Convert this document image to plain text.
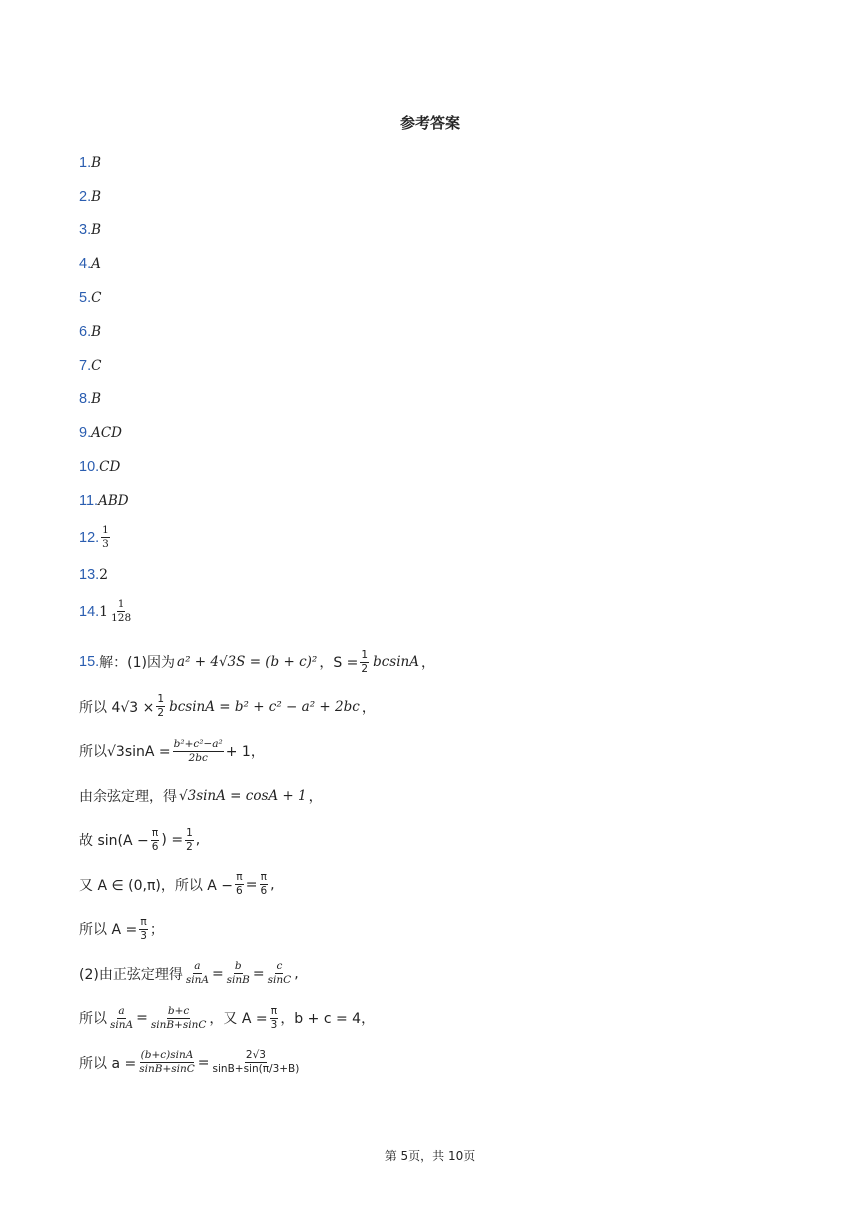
参考答案
1. B
2. B
3. B
4. A
5. C
6. B
7. C
8. B
9. ACD
10. CD
11. ABD
12. $\frac{1}{3}$
13. 2
14. $1 \frac{1}{128}$
15. 解：(1)因为 a² + 4√3S = (b + c)² ，$S = \frac{1}{2}$ bcsinA ，
所以 $4√3 \times \frac{1}{2}$ bcsinA = b² + c² − a² + 2bc ，
所以$√3\sin A = \frac{\text{b²+c²−a²}}{2bc} + 1$，
由余弦定理，得 √3sinA = cosA + 1 ，
故 $\sin(A - \frac{\pi}{6}$ ) = $\frac{1}{2}$ ,
又 A ∈ (0,π)，所以 $A - \frac{\pi}{6} = \frac{\pi}{6}$ ,
所以 $A = \frac{\pi}{3}$ ；
(2)由正弦定理得 $\frac{a}{\sin A} = \frac{b}{\sin B} = \frac{c}{\sin C}$ ,
所以 $\frac{a}{\sin A} = \frac{b+c}{\sin B+\sin C}$ ，又 $A = \frac{\pi}{3}$ ，b + c = 4，
所以 $a = \frac{(b+c)\sin A}{\sin B+\sin C} = \frac{2√3}{\sin B+\sin(\pi/3+B)}$
第 5页，共 10页
